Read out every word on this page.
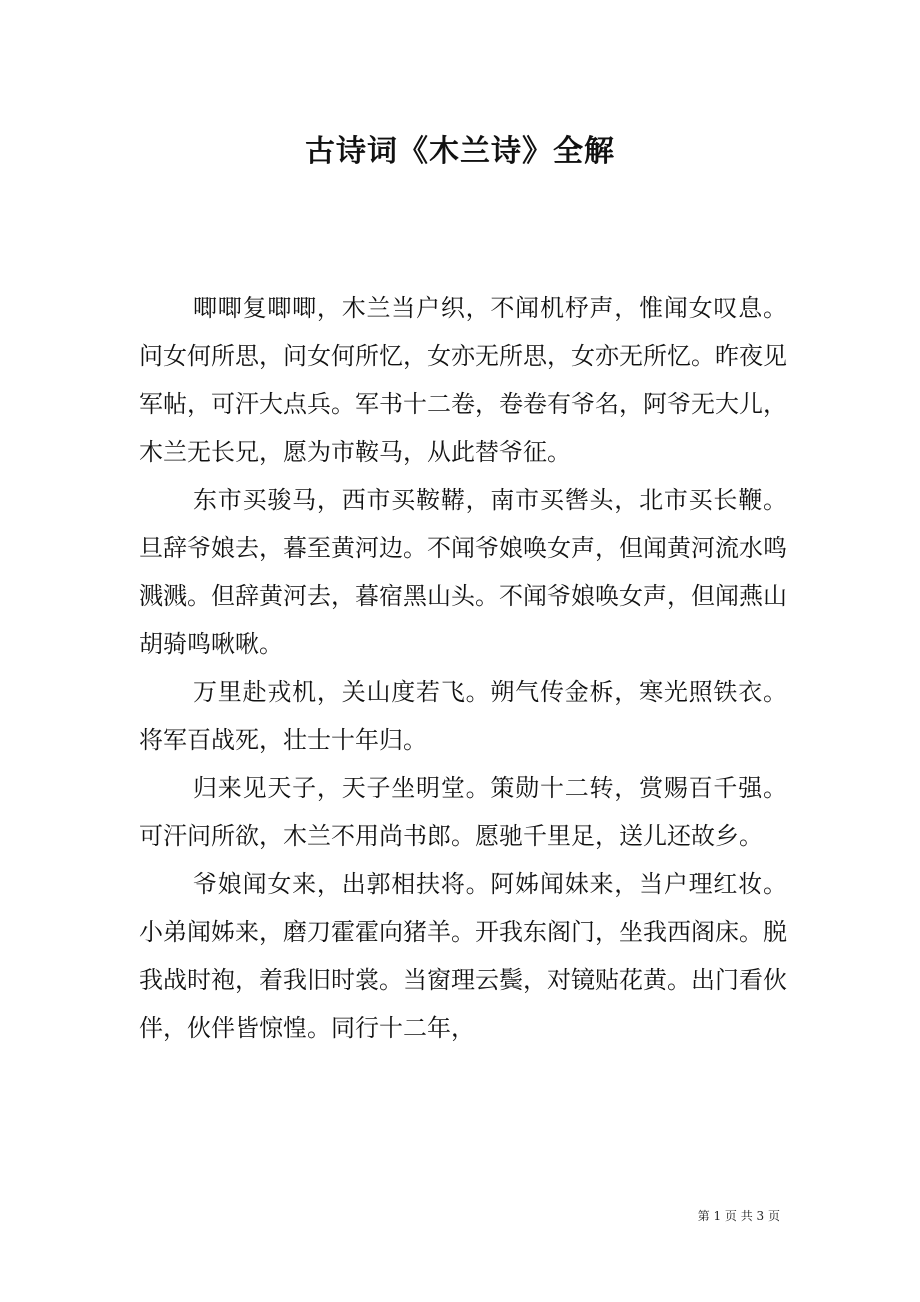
古诗词《木兰诗》全解

唧唧复唧唧，木兰当户织，不闻机杼声，惟闻女叹息。问女何所思，问女何所忆，女亦无所思，女亦无所忆。昨夜见军帖，可汗大点兵。军书十二卷，卷卷有爷名，阿爷无大儿，木兰无长兄，愿为市鞍马，从此替爷征。

东市买骏马，西市买鞍鞯，南市买辔头，北市买长鞭。旦辞爷娘去，暮至黄河边。不闻爷娘唤女声，但闻黄河流水鸣溅溅。但辞黄河去，暮宿黑山头。不闻爷娘唤女声，但闻燕山胡骑鸣啾啾。

万里赴戎机，关山度若飞。朔气传金柝，寒光照铁衣。将军百战死，壮士十年归。

归来见天子，天子坐明堂。策勋十二转，赏赐百千强。可汗问所欲，木兰不用尚书郎。愿驰千里足，送儿还故乡。

爷娘闻女来，出郭相扶将。阿姊闻妹来，当户理红妆。小弟闻姊来，磨刀霍霍向猪羊。开我东阁门，坐我西阁床。脱我战时袍，着我旧时裳。当窗理云鬓，对镜贴花黄。出门看伙伴，伙伴皆惊惶。同行十二年，

第 1 页 共 3 页
